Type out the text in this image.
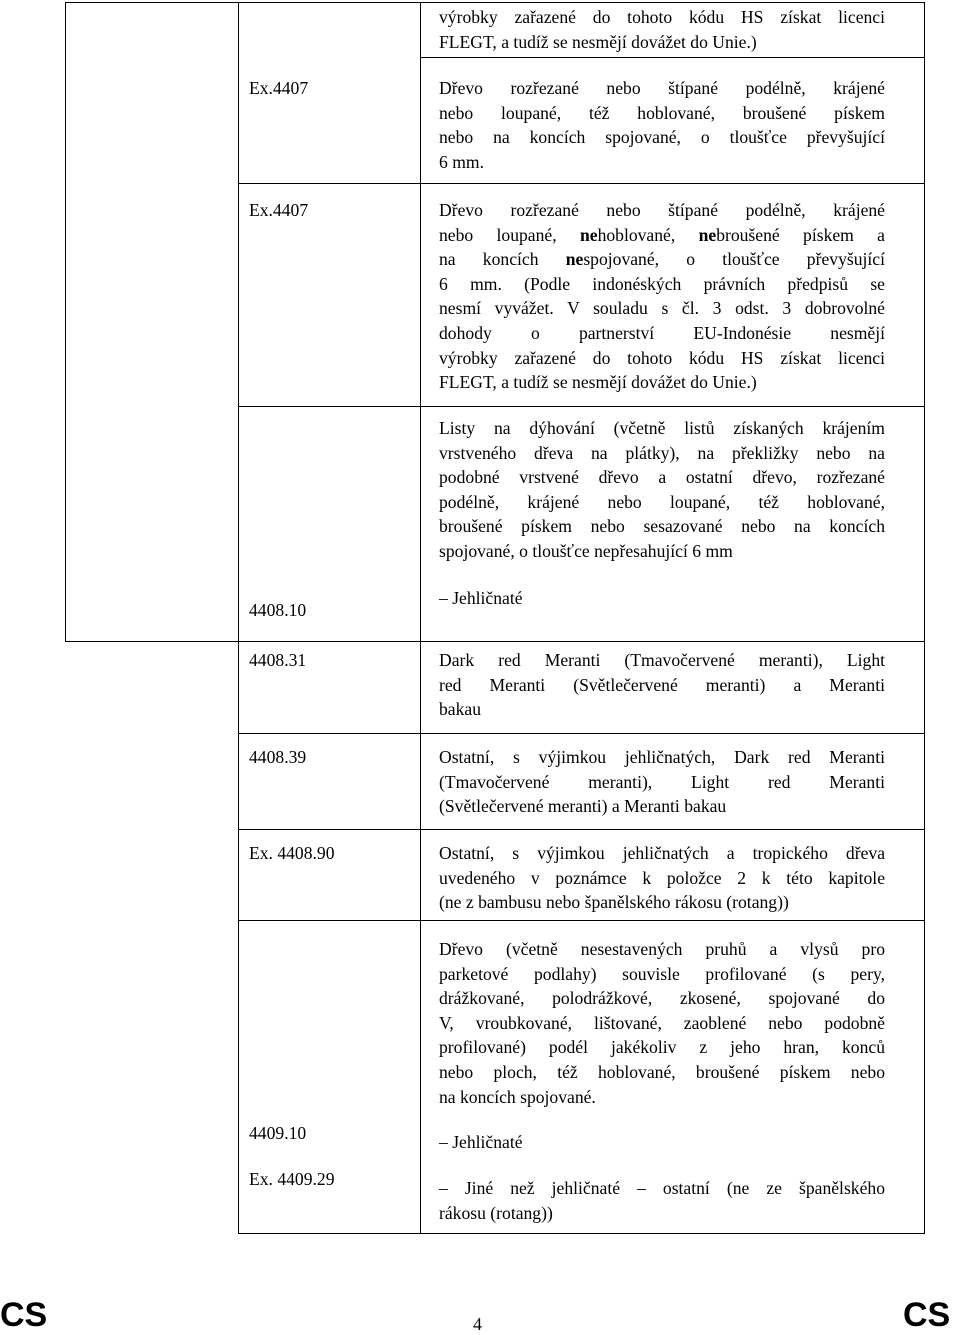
Ex.4407
Ex.4407
4408.10
4408.31
4408.39
Ex. 4408.90
4409.10
Ex. 4409.29
výrobky zařazené do tohoto kódu HS získat licenci
FLEGT, a tudíž se nesmějí dovážet do Unie.)
Dřevo rozřezané nebo štípané podélně, krájené
nebo loupané, též hoblované, broušené pískem
nebo na koncích spojované, o tloušťce převyšující
6 mm.
Dřevo rozřezané nebo štípané podélně, krájené
nebo loupané, nehoblované, nebroušené pískem a
na koncích nespojované, o tloušťce převyšující
6 mm. (Podle indonéských právních předpisů se
nesmí vyvážet. V souladu s čl. 3 odst. 3 dobrovolné
dohody o partnerství EU-Indonésie nesmějí
výrobky zařazené do tohoto kódu HS získat licenci
FLEGT, a tudíž se nesmějí dovážet do Unie.)
Listy na dýhování (včetně listů získaných krájením
vrstveného dřeva na plátky), na překližky nebo na
podobné vrstvené dřevo a ostatní dřevo, rozřezané
podélně, krájené nebo loupané, též hoblované,
broušené pískem nebo sesazované nebo na koncích
spojované, o tloušťce nepřesahující 6 mm
– Jehličnaté
Dark red Meranti (Tmavočervené meranti), Light
red Meranti (Světlečervené meranti) a Meranti
bakau
Ostatní, s výjimkou jehličnatých, Dark red Meranti
(Tmavočervené meranti), Light red Meranti
(Světlečervené meranti) a Meranti bakau
Ostatní, s výjimkou jehličnatých a tropického dřeva
uvedeného v poznámce k položce 2 k této kapitole
(ne z bambusu nebo španělského rákosu (rotang))
Dřevo (včetně nesestavených pruhů a vlysů pro
parketové podlahy) souvisle profilované (s pery,
drážkované, polodrážkové, zkosené, spojované do
V, vroubkované, lištované, zaoblené nebo podobně
profilované) podél jakékoliv z jeho hran, konců
nebo ploch, též hoblované, broušené pískem nebo
na koncích spojované.
– Jehličnaté
– Jiné než jehličnaté – ostatní (ne ze španělského
rákosu (rotang))
CS	4	CS
